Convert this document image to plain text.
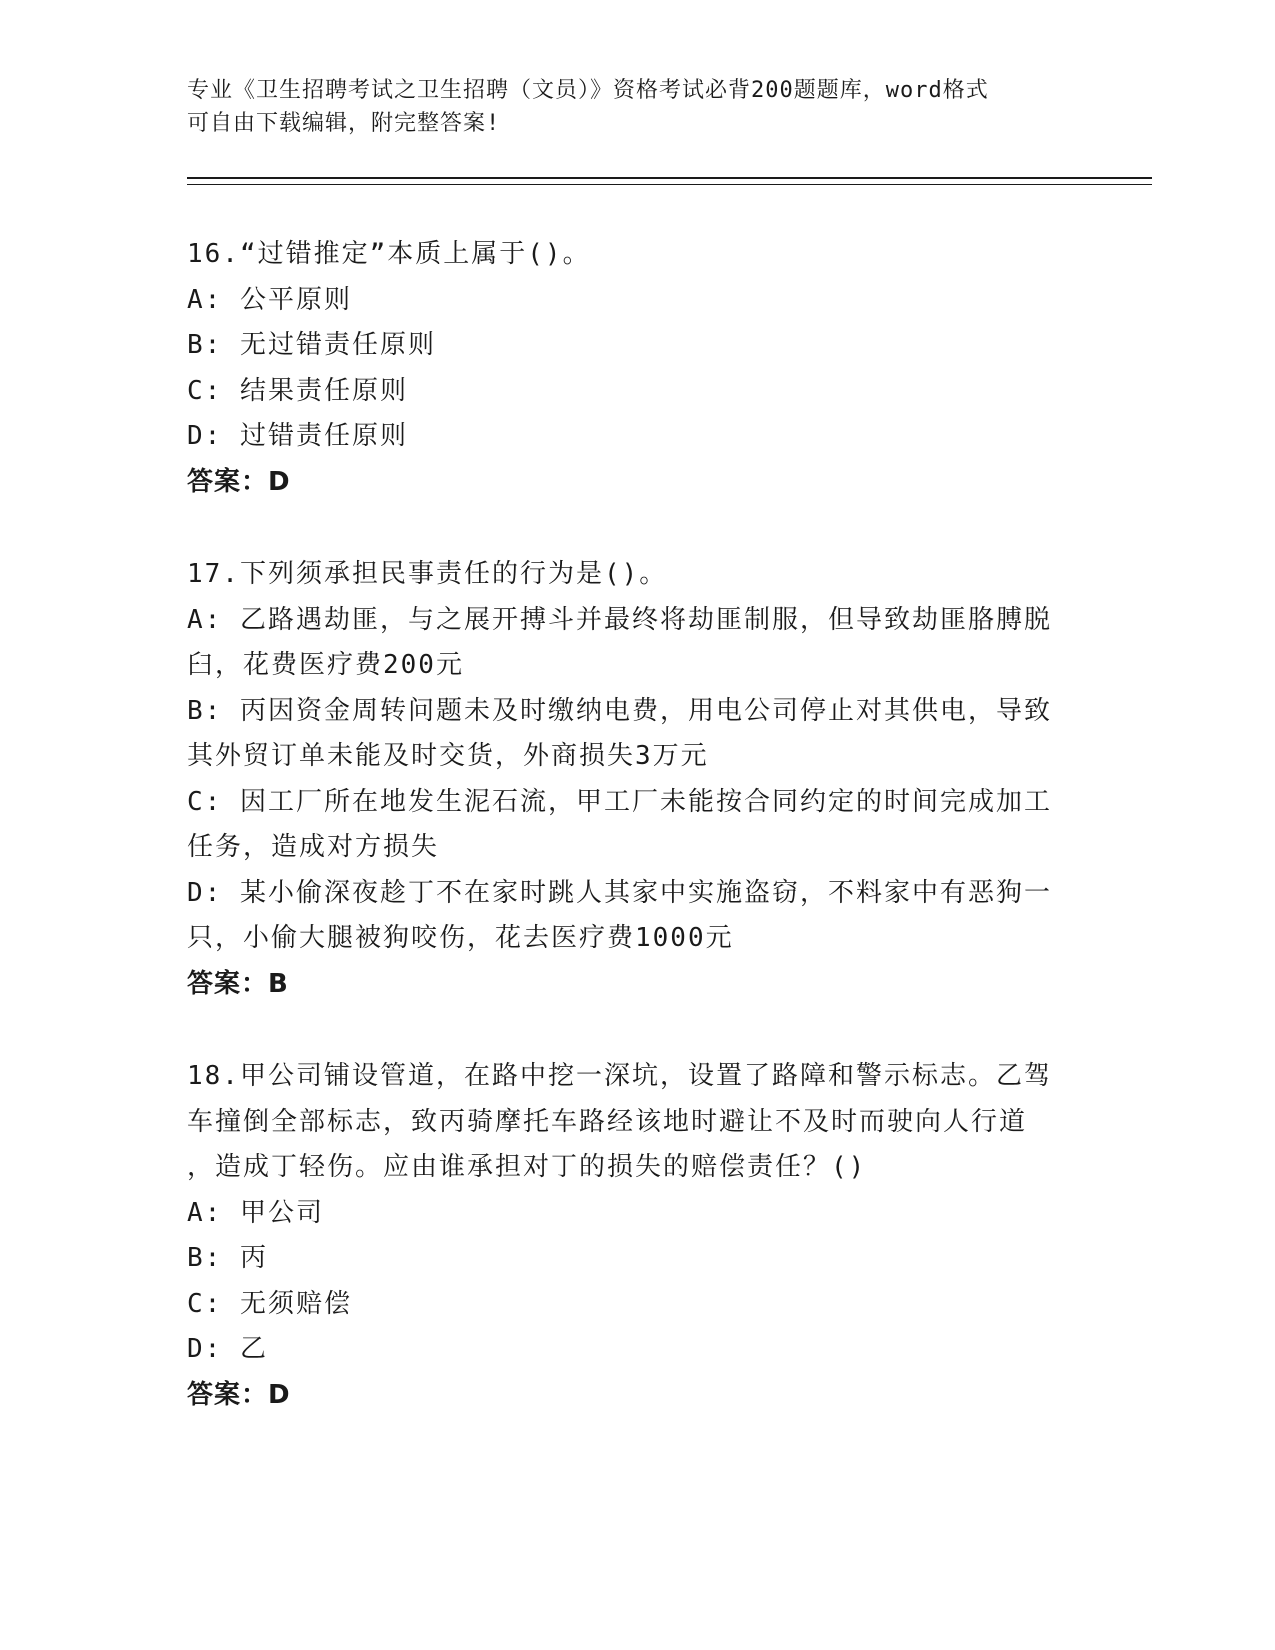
专业《卫生招聘考试之卫生招聘（文员）》资格考试必背200题题库，word格式
可自由下载编辑，附完整答案!
16.“过错推定”本质上属于()。
A: 公平原则
B: 无过错责任原则
C: 结果责任原则
D: 过错责任原则
答案：D
17.下列须承担民事责任的行为是()。
A: 乙路遇劫匪，与之展开搏斗并最终将劫匪制服，但导致劫匪胳膊脱
臼，花费医疗费200元
B: 丙因资金周转问题未及时缴纳电费，用电公司停止对其供电，导致
其外贸订单未能及时交货，外商损失3万元
C: 因工厂所在地发生泥石流，甲工厂未能按合同约定的时间完成加工
任务，造成对方损失
D: 某小偷深夜趁丁不在家时跳人其家中实施盗窃，不料家中有恶狗一
只，小偷大腿被狗咬伤，花去医疗费1000元
答案：B
18.甲公司铺设管道，在路中挖一深坑，设置了路障和警示标志。乙驾
车撞倒全部标志，致丙骑摩托车路经该地时避让不及时而驶向人行道
，造成丁轻伤。应由谁承担对丁的损失的赔偿责任？()
A: 甲公司
B: 丙
C: 无须赔偿
D: 乙
答案：D
